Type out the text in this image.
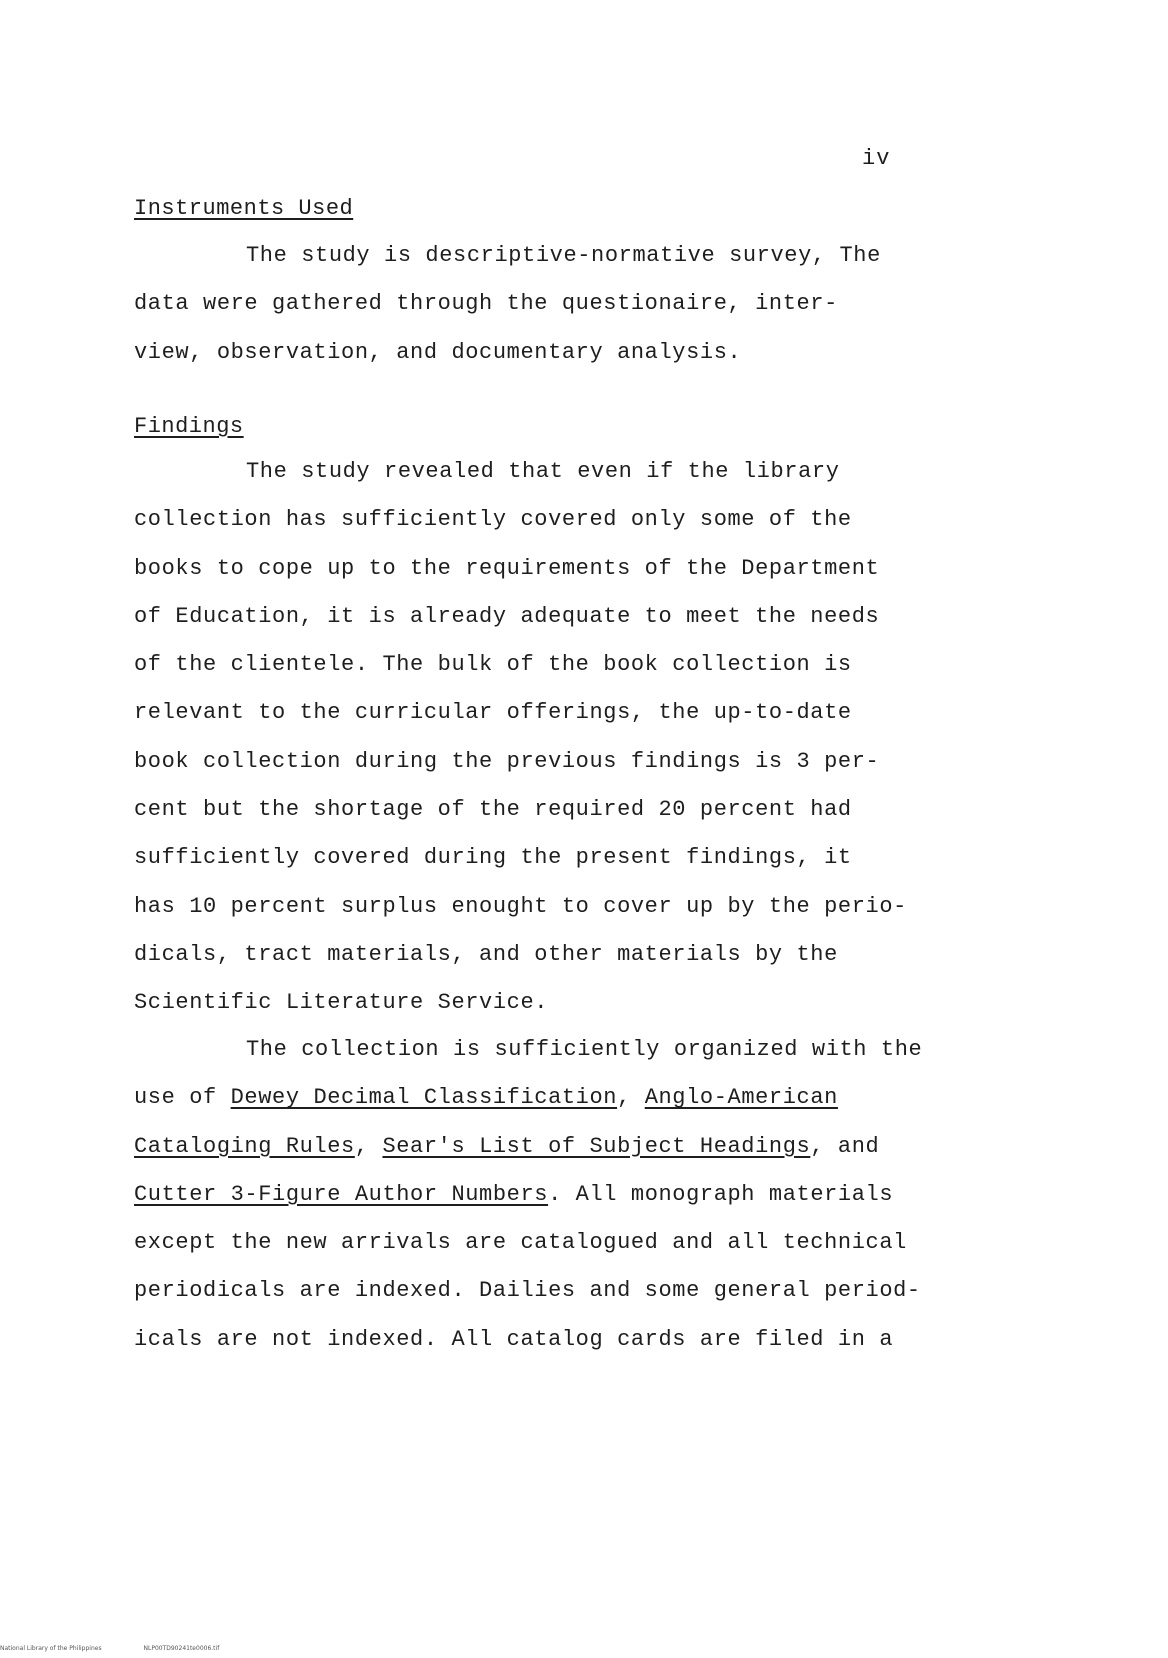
iv
Instruments Used
The study is descriptive-normative survey, The
data were gathered through the questionaire, inter-
view, observation, and documentary analysis.
Findings
The study revealed that even if the library
collection has sufficiently covered only some of the
books to cope up to the requirements of the Department
of Education, it is already adequate to meet the needs
of the clientele. The bulk of the book collection is
relevant to the curricular offerings, the up-to-date
book collection during the previous findings is 3 per-
cent but the shortage of the required 20 percent had
sufficiently covered during the present findings, it
has 10 percent surplus enought to cover up by the perio-
dicals, tract materials, and other materials by the
Scientific Literature Service.
The collection is sufficiently organized with the
use of Dewey Decimal Classification, Anglo-American
Cataloging Rules, Sear's List of Subject Headings, and
Cutter 3-Figure Author Numbers. All monograph materials
except the new arrivals are catalogued and all technical
periodicals are indexed. Dailies and some general period-
icals are not indexed. All catalog cards are filed in a
National Library of the Philippines	NLP00TD90241te0006.tif
